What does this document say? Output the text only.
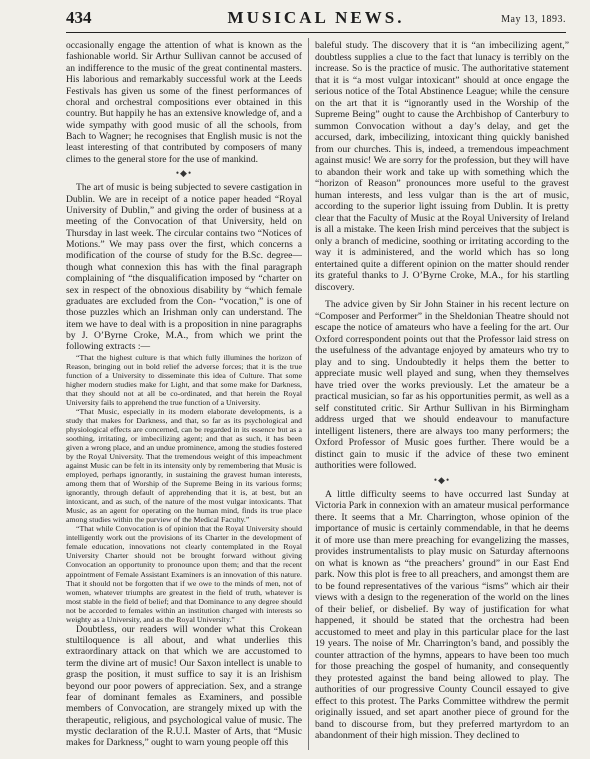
434	MUSICAL NEWS.	May 13, 1893.

occasionally engage the attention of what is known as the fashionable world. Sir Arthur Sullivan cannot be accused of an indifference to the music of the great continental masters. His laborious and remarkably successful work at the Leeds Festivals has given us some of the finest performances of choral and orchestral compositions ever obtained in this country. But happily he has an extensive knowledge of, and a wide sympathy with good music of all the schools, from Bach to Wagner; he recognises that English music is not the least interesting of that contributed by composers of many climes to the general store for the use of mankind.

•◆•

The art of music is being subjected to severe castigation in Dublin. We are in receipt of a notice paper headed “Royal University of Dublin,” and giving the order of business at a meeting of the Convocation of that University, held on Thursday in last week. The circular contains two “Notices of Motions.” We may pass over the first, which concerns a modification of the course of study for the B.Sc. degree—though what connexion this has with the final paragraph complaining of “the disqualification imposed by “charter on sex in respect of the obnoxious disability by “which female graduates are excluded from the Con- “vocation,” is one of those puzzles which an Irishman only can understand. The item we have to deal with is a proposition in nine paragraphs by J. O’Byrne Croke, M.A., from which we print the following extracts :—

“That the highest culture is that which fully illumines the horizon of Reason, bringing out in bold relief the adverse forces; that it is the true function of a University to disseminate this idea of Culture. That some higher modern studies make for Light, and that some make for Darkness, that they should not at all be co-ordinated, and that herein the Royal University fails to apprehend the true function of a University.

“That Music, especially in its modern elaborate developments, is a study that makes for Darkness, and that, so far as its psychological and physiological effects are concerned, can be regarded in its essence but as a soothing, irritating, or imbecilizing agent; and that as such, it has been given a wrong place, and an undue prominence, among the studies fostered by the Royal University. That the tremendous weight of this impeachment against Music can be felt in its intensity only by remembering that Music is employed, perhaps ignorantly, in sustaining the gravest human interests, among them that of Worship of the Supreme Being in its various forms; ignorantly, through default of apprehending that it is, at best, but an intoxicant, and as such, of the nature of the most vulgar intoxicants. That Music, as an agent for operating on the human mind, finds its true place among studies within the purview of the Medical Faculty.”

“That while Convocation is of opinion that the Royal University should intelligently work out the provisions of its Charter in the development of female education, innovations not clearly contemplated in the Royal University Charter should not be brought forward without giving Convocation an opportunity to pronounce upon them; and that the recent appointment of Female Assistant Examiners is an innovation of this nature. That it should not be forgotten that if we owe to the minds of men, not of women, whatever triumphs are greatest in the field of truth, whatever is most stable in the field of belief; and that Dominance to any degree should not be accorded to females within an institution charged with interests so weighty as a University, and as the Royal University.”

Doubtless, our readers will wonder what this Crokean stultiloquence is all about, and what underlies this extraordinary attack on that which we are accustomed to term the divine art of music! Our Saxon intellect is unable to grasp the position, it must suffice to say it is an Irishism beyond our poor powers of appreciation. Sex, and a strange fear of dominant females as Examiners, and possible members of Convocation, are strangely mixed up with the therapeutic, religious, and psychological value of music. The mystic declaration of the R.U.I. Master of Arts, that “Music makes for Darkness,” ought to warn young people off this

baleful study. The discovery that it is “an imbecilizing agent,” doubtless supplies a clue to the fact that lunacy is terribly on the increase. So is the practice of music. The authoritative statement that it is “a most vulgar intoxicant” should at once engage the serious notice of the Total Abstinence League; while the censure on the art that it is “ignorantly used in the Worship of the Supreme Being” ought to cause the Archbishop of Canterbury to summon Convocation without a day’s delay, and get the accursed, dark, imbecilizing, intoxicant thing quickly banished from our churches. This is, indeed, a tremendous impeachment against music! We are sorry for the profession, but they will have to abandon their work and take up with something which the “horizon of Reason” pronounces more useful to the gravest human interests, and less vulgar than is the art of music, according to the superior light issuing from Dublin. It is pretty clear that the Faculty of Music at the Royal University of Ireland is all a mistake. The keen Irish mind perceives that the subject is only a branch of medicine, soothing or irritating according to the way it is administered, and the world which has so long entertained quite a different opinion on the matter should render its grateful thanks to J. O’Byrne Croke, M.A., for his startling discovery.

The advice given by Sir John Stainer in his recent lecture on “Composer and Performer” in the Sheldonian Theatre should not escape the notice of amateurs who have a feeling for the art. Our Oxford correspondent points out that the Professor laid stress on the usefulness of the advantage enjoyed by amateurs who try to play and to sing. Undoubtedly it helps them the better to appreciate music well played and sung, when they themselves have tried over the works previously. Let the amateur be a practical musician, so far as his opportunities permit, as well as a self constituted critic. Sir Arthur Sullivan in his Birmingham address urged that we should endeavour to manufacture intelligent listeners, there are always too many performers; the Oxford Professor of Music goes further. There would be a distinct gain to music if the advice of these two eminent authorities were followed.

•◆•

A little difficulty seems to have occurred last Sunday at Victoria Park in connexion with an amateur musical performance there. It seems that a Mr. Charrington, whose opinion of the importance of music is certainly commendable, in that he deems it of more use than mere preaching for evangelizing the masses, provides instrumentalists to play music on Saturday afternoons on what is known as “the preachers’ ground” in our East End park. Now this plot is free to all preachers, and amongst them are to be found representatives of the various “isms” which air their views with a design to the regeneration of the world on the lines of their belief, or disbelief. By way of justification for what happened, it should be stated that the orchestra had been accustomed to meet and play in this particular place for the last 19 years. The noise of Mr. Charrington’s band, and possibly the counter attraction of the hymns, appears to have been too much for those preaching the gospel of humanity, and consequently they protested against the band being allowed to play. The authorities of our progressive County Council essayed to give effect to this protest. The Parks Committee withdrew the permit originally issued, and set apart another piece of ground for the band to discourse from, but they preferred martyrdom to an abandonment of their high mission. They declined to
